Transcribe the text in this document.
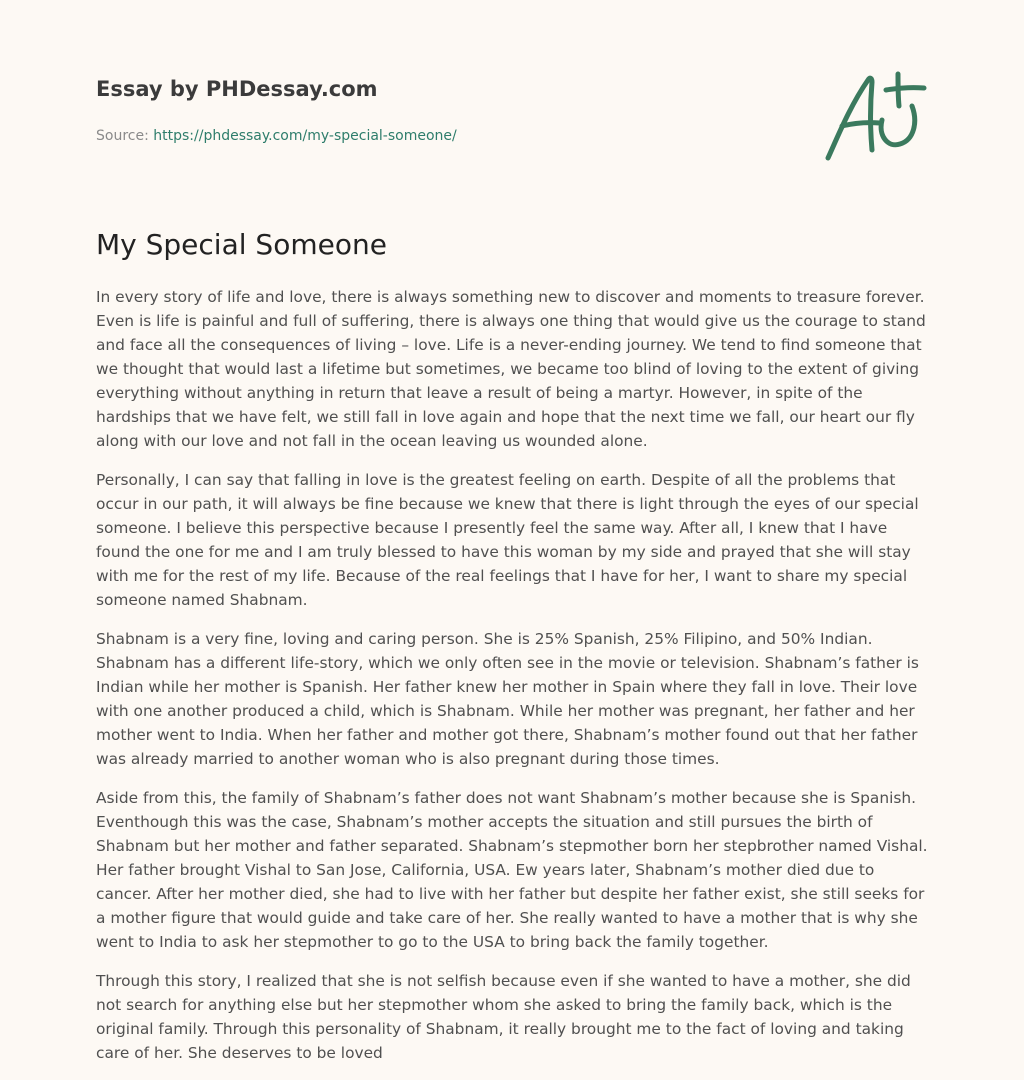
Essay by PHDessay.com
Source: https://phdessay.com/my-special-someone/
My Special Someone

In every story of life and love, there is always something new to discover and moments to treasure forever. Even is life is painful and full of suffering, there is always one thing that would give us the courage to stand and face all the consequences of living – love. Life is a never-ending journey. We tend to find someone that we thought that would last a lifetime but sometimes, we became too blind of loving to the extent of giving everything without anything in return that leave a result of being a martyr. However, in spite of the hardships that we have felt, we still fall in love again and hope that the next time we fall, our heart our fly along with our love and not fall in the ocean leaving us wounded alone.

Personally, I can say that falling in love is the greatest feeling on earth. Despite of all the problems that occur in our path, it will always be fine because we knew that there is light through the eyes of our special someone. I believe this perspective because I presently feel the same way. After all, I knew that I have found the one for me and I am truly blessed to have this woman by my side and prayed that she will stay with me for the rest of my life. Because of the real feelings that I have for her, I want to share my special someone named Shabnam.

Shabnam is a very fine, loving and caring person. She is 25% Spanish, 25% Filipino, and 50% Indian. Shabnam has a different life-story, which we only often see in the movie or television. Shabnam’s father is Indian while her mother is Spanish. Her father knew her mother in Spain where they fall in love. Their love with one another produced a child, which is Shabnam. While her mother was pregnant, her father and her mother went to India. When her father and mother got there, Shabnam’s mother found out that her father was already married to another woman who is also pregnant during those times.

Aside from this, the family of Shabnam’s father does not want Shabnam’s mother because she is Spanish. Eventhough this was the case, Shabnam’s mother accepts the situation and still pursues the birth of Shabnam but her mother and father separated. Shabnam’s stepmother born her stepbrother named Vishal. Her father brought Vishal to San Jose, California, USA. Ew years later, Shabnam’s mother died due to cancer. After her mother died, she had to live with her father but despite her father exist, she still seeks for a mother figure that would guide and take care of her. She really wanted to have a mother that is why she went to India to ask her stepmother to go to the USA to bring back the family together.

Through this story, I realized that she is not selfish because even if she wanted to have a mother, she did not search for anything else but her stepmother whom she asked to bring the family back, which is the original family. Through this personality of Shabnam, it really brought me to the fact of loving and taking care of her. She deserves to be loved
